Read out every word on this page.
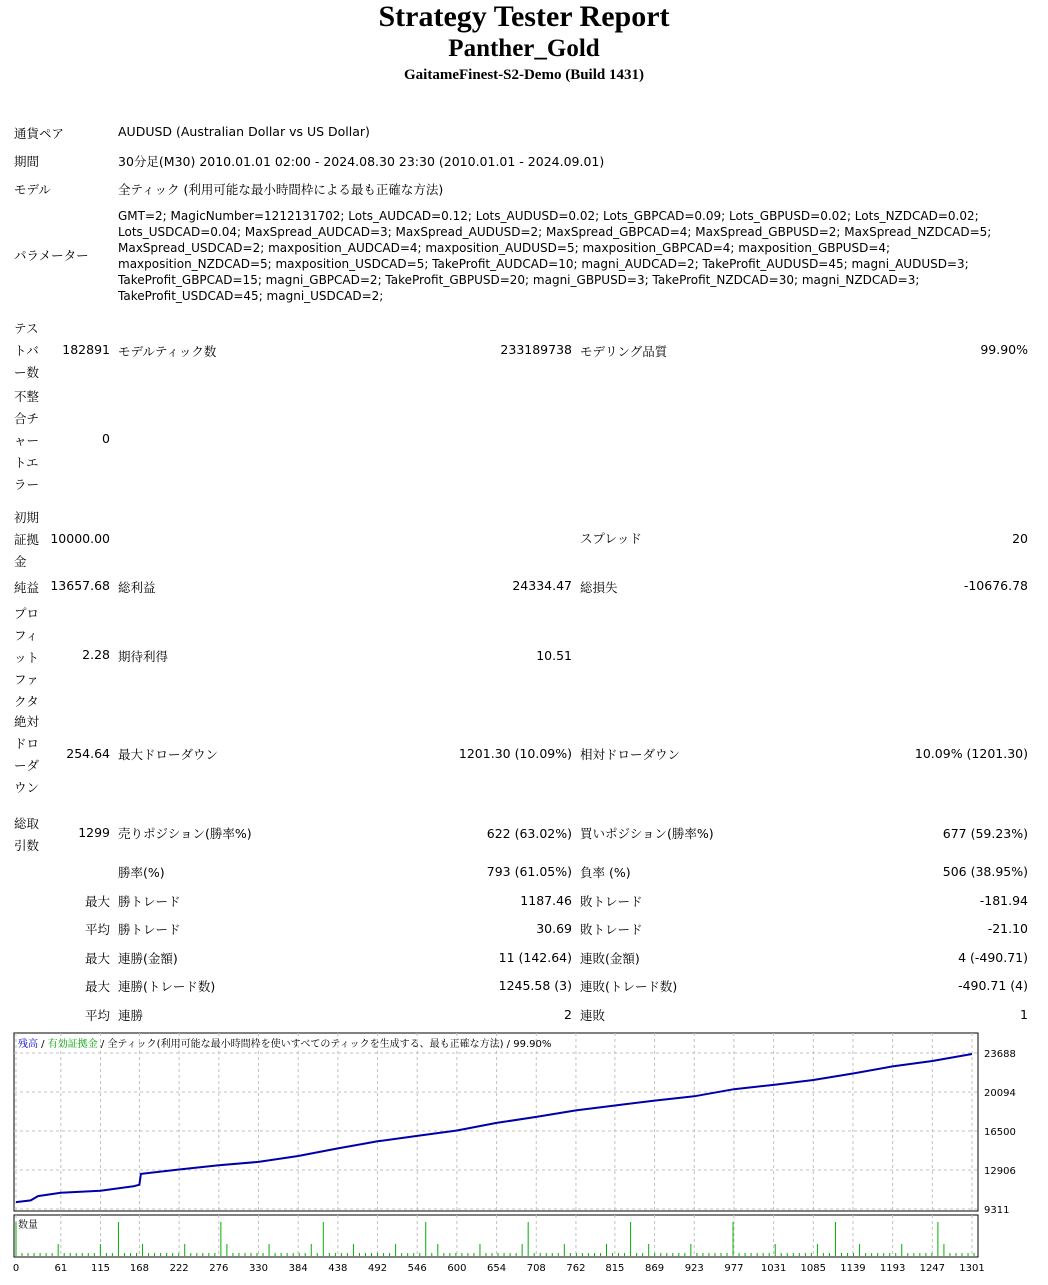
Strategy Tester Report
Panther_Gold
GaitameFinest-S2-Demo (Build 1431)
通貨ペア	AUDUSD (Australian Dollar vs US Dollar)
期間	30分足(M30) 2010.01.01 02:00 - 2024.08.30 23:30 (2010.01.01 - 2024.09.01)
モデル	全ティック (利用可能な最小時間枠による最も正確な方法)
パラメーター
GMT=2; MagicNumber=1212131702; Lots_AUDCAD=0.12; Lots_AUDUSD=0.02; Lots_GBPCAD=0.09; Lots_GBPUSD=0.02; Lots_NZDCAD=0.02;
Lots_USDCAD=0.04; MaxSpread_AUDCAD=3; MaxSpread_AUDUSD=2; MaxSpread_GBPCAD=4; MaxSpread_GBPUSD=2; MaxSpread_NZDCAD=5;
MaxSpread_USDCAD=2; maxposition_AUDCAD=4; maxposition_AUDUSD=5; maxposition_GBPCAD=4; maxposition_GBPUSD=4;
maxposition_NZDCAD=5; maxposition_USDCAD=5; TakeProfit_AUDCAD=10; magni_AUDCAD=2; TakeProfit_AUDUSD=45; magni_AUDUSD=3;
TakeProfit_GBPCAD=15; magni_GBPCAD=2; TakeProfit_GBPUSD=20; magni_GBPUSD=3; TakeProfit_NZDCAD=30; magni_NZDCAD=3;
TakeProfit_USDCAD=45; magni_USDCAD=2;
テス
トバ
ー数
182891 モデルティック数	233189738 モデリング品質	99.90%
不整
合チ
ャー
トエ
ラー
0
初期
証拠
金
10000.00	スプレッド	20
純益 13657.68 総利益	24334.47 総損失	-10676.78
プロ
フィ
ット
ファ
クタ
2.28 期待利得	10.51
絶対
ドロ
ーダ
ウン
254.64 最大ドローダウン	1201.30 (10.09%) 相対ドローダウン	10.09% (1201.30)
総取
引数
1299 売りポジション(勝率%)	622 (63.02%) 買いポジション(勝率%)	677 (59.23%)
勝率(%)	793 (61.05%) 負率 (%)	506 (38.95%)
最大 勝トレード	1187.46 敗トレード	-181.94
平均 勝トレード	30.69 敗トレード	-21.10
最大 連勝(金額)	11 (142.64) 連敗(金額)	4 (-490.71)
最大 連勝(トレード数)	1245.58 (3) 連敗(トレード数)	-490.71 (4)
平均 連勝	2 連敗	1
23688
20094
16500
12906
9311
0	61 115 168 222 276 330 384 438 492 546 600 654 708 762 815 869 923 977 1031 1085 1139 1193 1247 1301
残高 / 有効証拠金 / 全ティック(利用可能な最小時間枠を使いすべてのティックを生成する、最も正確な方法) / 99.90%
数量
